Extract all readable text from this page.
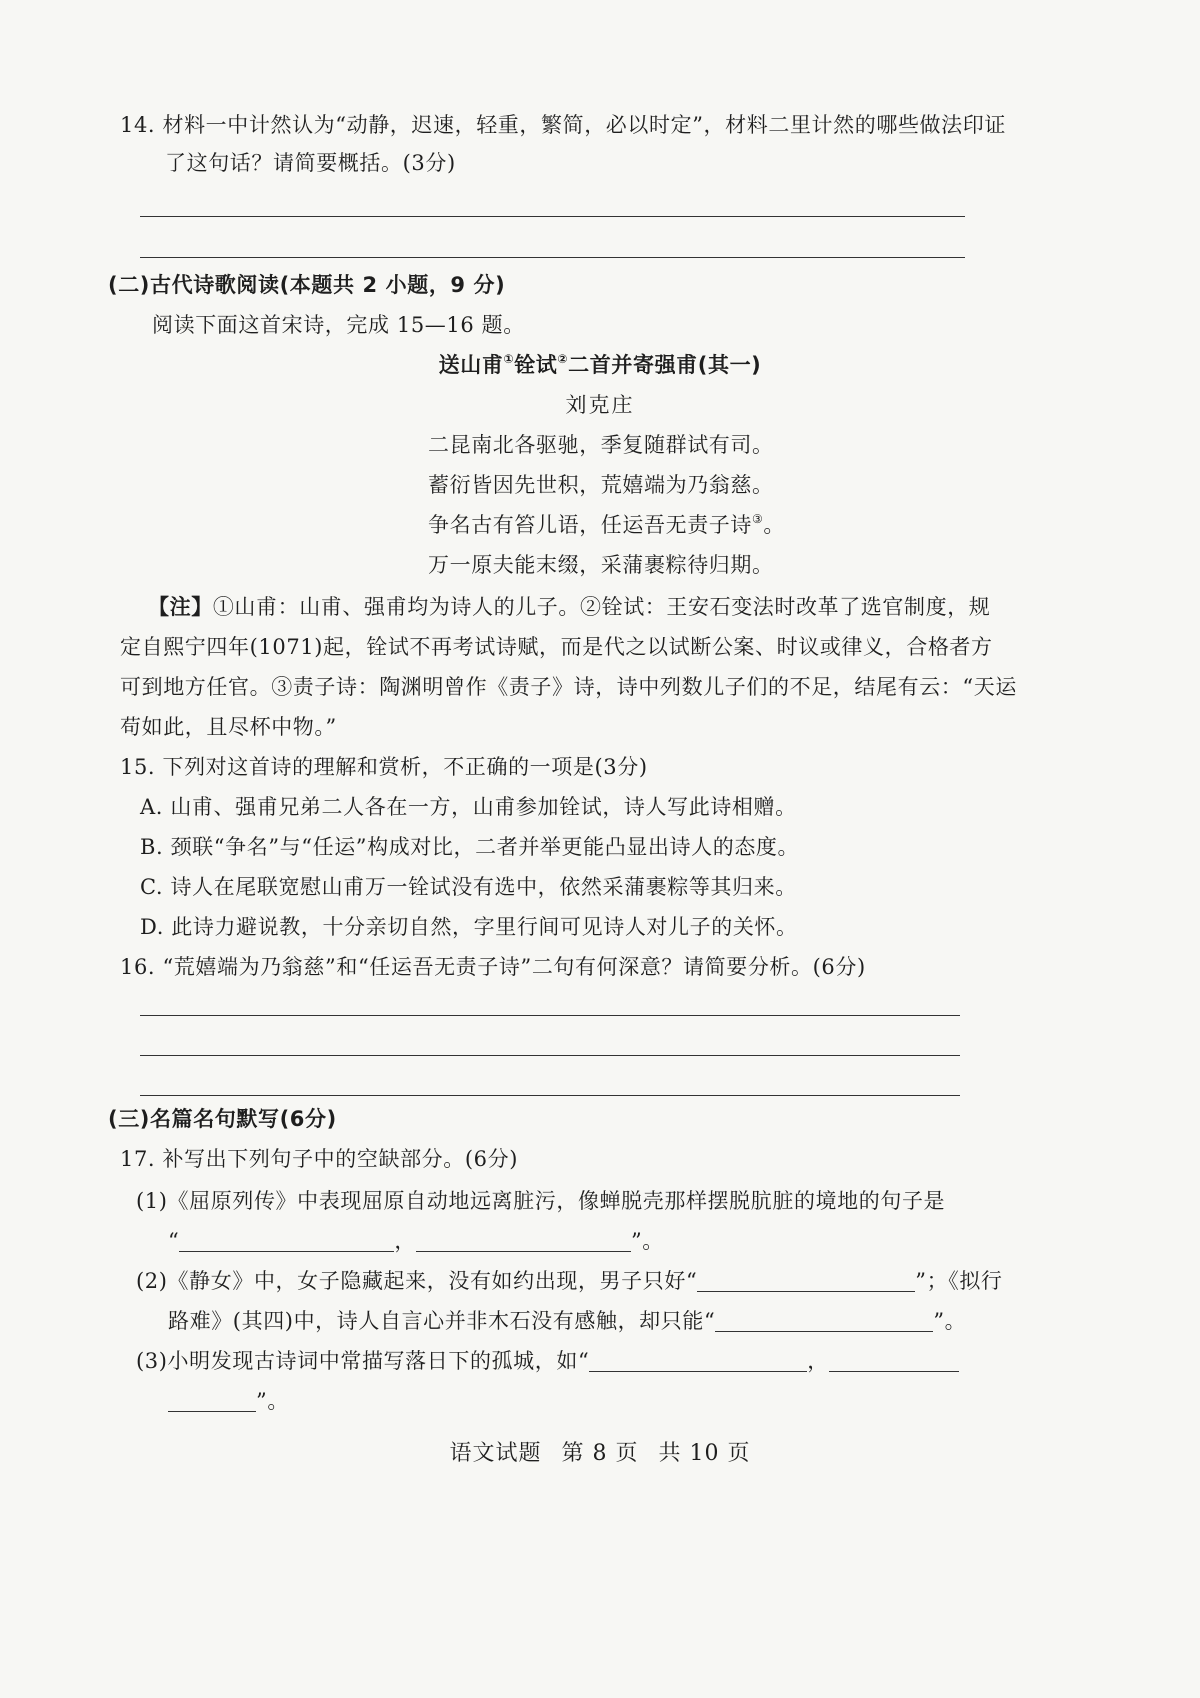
14. 材料一中计然认为“动静，迟速，轻重，繁简，必以时定”，材料二里计然的哪些做法印证
了这句话？请简要概括。(3分)
(二)古代诗歌阅读(本题共 2 小题，9 分)
阅读下面这首宋诗，完成 15—16 题。
送山甫①铨试②二首并寄强甫(其一)
刘克庄
二昆南北各驱驰，季复随群试有司。
蓄衍皆因先世积，荒嬉端为乃翁慈。
争名古有笞儿语，任运吾无责子诗③。
万一原夫能末缀，采蒲裹粽待归期。
【注】①山甫：山甫、强甫均为诗人的儿子。②铨试：王安石变法时改革了选官制度，规
定自熙宁四年(1071)起，铨试不再考试诗赋，而是代之以试断公案、时议或律义，合格者方
可到地方任官。③责子诗：陶渊明曾作《责子》诗，诗中列数儿子们的不足，结尾有云：“天运
苟如此，且尽杯中物。”
15. 下列对这首诗的理解和赏析，不正确的一项是(3分)
A. 山甫、强甫兄弟二人各在一方，山甫参加铨试，诗人写此诗相赠。
B. 颈联“争名”与“任运”构成对比，二者并举更能凸显出诗人的态度。
C. 诗人在尾联宽慰山甫万一铨试没有选中，依然采蒲裹粽等其归来。
D. 此诗力避说教，十分亲切自然，字里行间可见诗人对儿子的关怀。
16. “荒嬉端为乃翁慈”和“任运吾无责子诗”二句有何深意？请简要分析。(6分)
(三)名篇名句默写(6分)
17. 补写出下列句子中的空缺部分。(6分)
(1)《屈原列传》中表现屈原自动地远离脏污，像蝉脱壳那样摆脱肮脏的境地的句子是
“	，	”。
(2)《静女》中，女子隐藏起来，没有如约出现，男子只好“	”；《拟行
路难》(其四)中，诗人自言心并非木石没有感触，却只能“	”。
(3)小明发现古诗词中常描写落日下的孤城，如“	，
”。
语文试题 第 8 页 共 10 页
